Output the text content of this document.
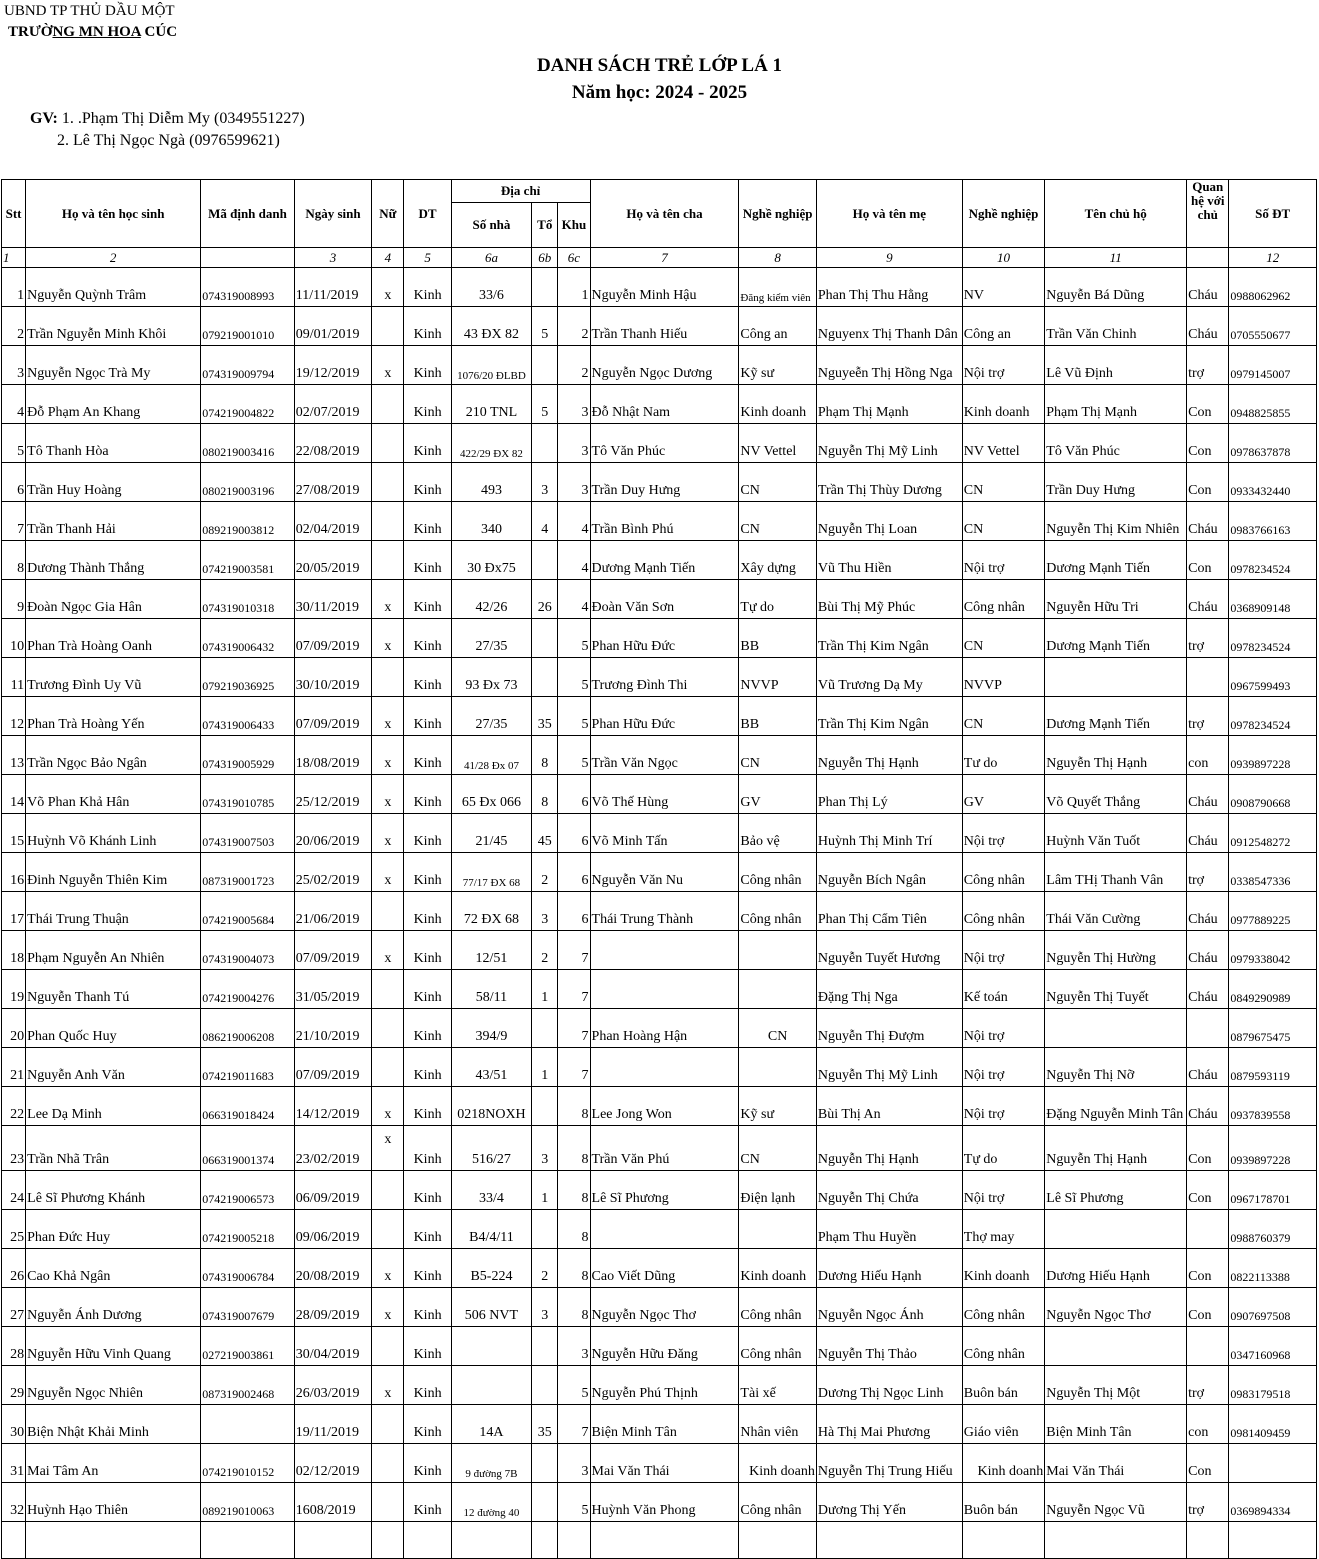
UBND TP THỦ DẦU MỘT
TRƯỜNG MN HOA CÚC
DANH SÁCH TRẺ LỚP LÁ 1
Năm học: 2024 - 2025
GV: 1. .Phạm Thị Diễm My (0349551227)
2. Lê Thị Ngọc Ngà (0976599621)
Stt	Họ và tên học sinh	Mã định danh	Ngày sinh	Nữ	DT	Địa chỉ			Họ và tên cha	Nghề nghiệp	Họ và tên mẹ	Nghề nghiệp	Tên chủ hộ	Quan hệ với chủ	Số ĐT
						Số nhà	Tổ	Khu							
1	2		3	4	5	6a	6b	6c	7	8	9	10	11		12
1	Nguyễn Quỳnh Trâm	074319008993	11/11/2019	x	Kinh	33/6		1	Nguyễn Minh Hậu	Đăng kiểm viên	Phan Thị Thu Hằng	NV	Nguyễn Bá Dũng	Cháu	0988062962
2	Trần Nguyễn Minh Khôi	079219001010	09/01/2019		Kinh	43 ĐX 82	5	2	Trần Thanh Hiếu	Công an	Nguyenx Thị Thanh Dân	Công an	Trần Văn Chinh	Cháu	0705550677
3	Nguyễn Ngọc Trà My	074319009794	19/12/2019	x	Kinh	1076/20 ĐLBD		2	Nguyễn Ngọc Dương	Kỹ sư	Nguyeễn Thị Hồng Nga	Nội trợ	Lê Vũ Định	trợ	0979145007
4	Đỗ Phạm An Khang	074219004822	02/07/2019		Kinh	210 TNL	5	3	Đỗ Nhật Nam	Kinh doanh	Phạm Thị Mạnh	Kinh doanh	Phạm Thị Mạnh	Con	0948825855
5	Tô Thanh Hòa	080219003416	22/08/2019		Kinh	422/29 ĐX 82		3	Tô Văn Phúc	NV Vettel	Nguyễn Thị Mỹ Linh	NV Vettel	Tô Văn Phúc	Con	0978637878
6	Trần Huy Hoàng	080219003196	27/08/2019		Kinh	493	3	3	Trần Duy Hưng	CN	Trần Thị Thùy Dương	CN	Trần Duy Hưng	Con	0933432440
7	Trần Thanh Hải	089219003812	02/04/2019		Kinh	340	4	4	Trần Bình Phú	CN	Nguyễn Thị Loan	CN	Nguyễn Thị Kim Nhiên	Cháu	0983766163
8	Dương Thành Thắng	074219003581	20/05/2019		Kinh	30 Đx75		4	Dương Mạnh Tiến	Xây dựng	Vũ Thu Hiền	Nội trợ	Dương Mạnh Tiến	Con	0978234524
9	Đoàn Ngọc Gia Hân	074319010318	30/11/2019	x	Kinh	42/26	26	4	Đoàn Văn Sơn	Tự do	Bùi Thị Mỹ Phúc	Công nhân	Nguyễn Hữu Tri	Cháu	0368909148
10	Phan Trà Hoàng Oanh	074319006432	07/09/2019	x	Kinh	27/35		5	Phan Hữu Đức	BB	Trần Thị Kim Ngân	CN	Dương Mạnh Tiến	trợ	0978234524
11	Trương Đình Uy Vũ	079219036925	30/10/2019		Kinh	93 Đx 73		5	Trương Đình Thi	NVVP	Vũ Trương Dạ My	NVVP			0967599493
12	Phan Trà Hoàng Yến	074319006433	07/09/2019	x	Kinh	27/35	35	5	Phan Hữu Đức	BB	Trần Thị Kim Ngân	CN	Dương Mạnh Tiến	trợ	0978234524
13	Trần Ngọc Bảo Ngân	074319005929	18/08/2019	x	Kinh	41/28 Đx 07	8	5	Trần Văn Ngọc	CN	Nguyễn Thị Hạnh	Tư do	Nguyễn Thị Hạnh	con	0939897228
14	Võ Phan Khả Hân	074319010785	25/12/2019	x	Kinh	65 Đx 066	8	6	Võ Thế Hùng	GV	Phan Thị Lý	GV	Võ Quyết Thắng	Cháu	0908790668
15	Huỳnh Võ Khánh Linh	074319007503	20/06/2019	x	Kinh	21/45	45	6	Võ Minh Tấn	Bảo vệ	Huỳnh Thị Minh Trí	Nội trợ	Huỳnh Văn Tuốt	Cháu	0912548272
16	Đinh Nguyễn Thiên Kim	087319001723	25/02/2019	x	Kinh	77/17 ĐX 68	2	6	Nguyễn Văn Nu	Công nhân	Nguyễn Bích Ngân	Công nhân	Lâm THị Thanh Vân	trợ	0338547336
17	Thái Trung Thuận	074219005684	21/06/2019		Kinh	72 ĐX 68	3	6	Thái Trung Thành	Công nhân	Phan Thị Cẩm Tiên	Công nhân	Thái Văn Cường	Cháu	0977889225
18	Phạm Nguyễn An Nhiên	074319004073	07/09/2019	x	Kinh	12/51	2	7			Nguyễn Tuyết Hương	Nội trợ	Nguyễn Thị Hường	Cháu	0979338042
19	Nguyễn Thanh Tú	074219004276	31/05/2019		Kinh	58/11	1	7			Đặng Thị Nga	Kế toán	Nguyễn Thị Tuyết	Cháu	0849290989
20	Phan Quốc Huy	086219006208	21/10/2019		Kinh	394/9		7	Phan Hoàng Hận	CN	Nguyễn Thị Đượm	Nội trợ			0879675475
21	Nguyễn Anh Văn	074219011683	07/09/2019		Kinh	43/51	1	7			Nguyễn Thị Mỹ Linh	Nội trợ	Nguyễn Thị Nỡ	Cháu	0879593119
22	Lee Dạ Minh	066319018424	14/12/2019	x	Kinh	0218NOXH		8	Lee Jong Won	Kỹ sư	Bùi Thị An	Nội trợ	Đặng Nguyễn Minh Tân	Cháu	0937839558
23	Trần Nhã Trân	066319001374	23/02/2019	x	Kinh	516/27	3	8	Trần Văn Phú	CN	Nguyễn Thị Hạnh	Tự do	Nguyễn Thị Hạnh	Con	0939897228
24	Lê Sĩ Phương Khánh	074219006573	06/09/2019		Kinh	33/4	1	8	Lê Sĩ Phương	Điện lạnh	Nguyễn Thị Chứa	Nội trợ	Lê Sĩ Phương	Con	0967178701
25	Phan Đức Huy	074219005218	09/06/2019		Kinh	B4/4/11		8			Phạm Thu Huyền	Thợ may			0988760379
26	Cao Khả Ngân	074319006784	20/08/2019	x	Kinh	B5-224	2	8	Cao Viết Dũng	Kinh doanh	Dương Hiếu Hạnh	Kinh doanh	Dương Hiếu Hạnh	Con	0822113388
27	Nguyễn Ánh Dương	074319007679	28/09/2019	x	Kinh	506 NVT	3	8	Nguyễn Ngọc Thơ	Công nhân	Nguyễn Ngọc Ánh	Công nhân	Nguyễn Ngọc Thơ	Con	0907697508
28	Nguyễn Hữu Vinh Quang	027219003861	30/04/2019		Kinh			3	Nguyễn Hữu Đăng	Công nhân	Nguyễn Thị Thảo	Công nhân			0347160968
29	Nguyễn Ngọc Nhiên	087319002468	26/03/2019	x	Kinh			5	Nguyễn Phú Thịnh	Tài xế	Dương Thị Ngọc Linh	Buôn bán	Nguyễn Thị Một	trợ	0983179518
30	Biện Nhật Khải Minh		19/11/2019		Kinh	14A	35	7	Biện Minh Tân	Nhân viên	Hà Thị Mai Phương	Giáo viên	Biện Minh Tân	con	0981409459
31	Mai Tâm An	074219010152	02/12/2019		Kinh	9 đường 7B		3	Mai Văn Thái	Kinh doanh	Nguyễn Thị Trung Hiếu	Kinh doanh	Mai Văn Thái	Con	
32	Huỳnh Hạo Thiên	089219010063	1608/2019		Kinh	12 đường 40		5	Huỳnh Văn Phong	Công nhân	Dương Thị Yến	Buôn bán	Nguyễn Ngọc Vũ	trợ	0369894334
